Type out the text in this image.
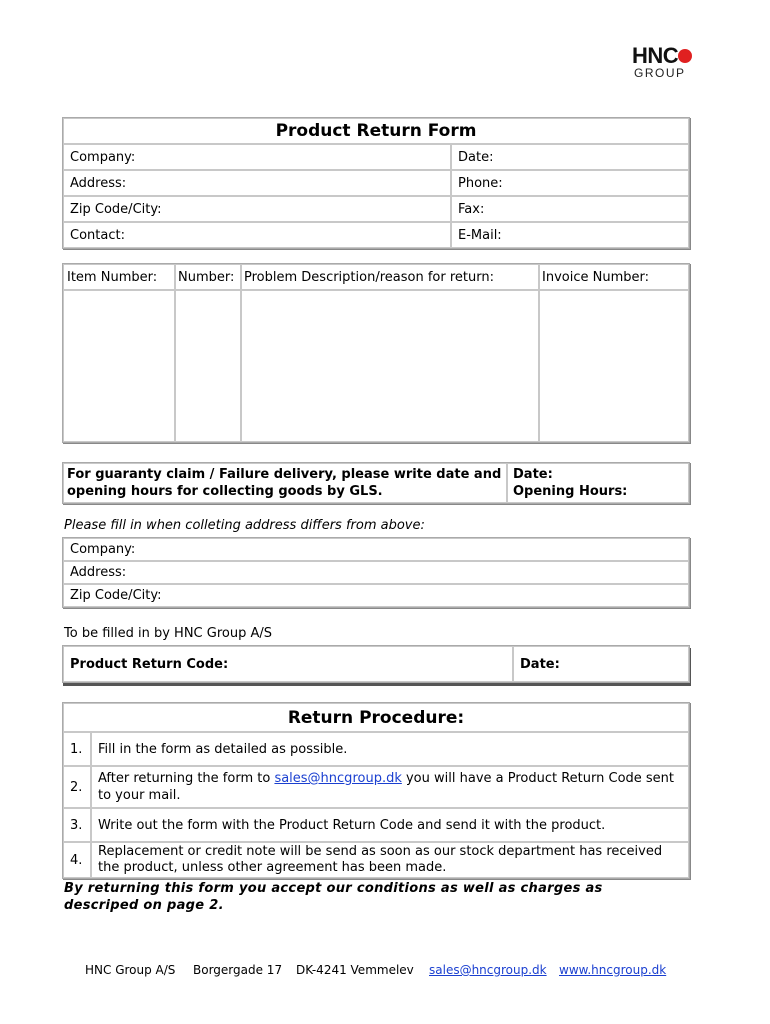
HNC
GROUP
Product Return Form	
Company:	Date:
Address:	Phone:
Zip Code/City:	Fax:
Contact:	E-Mail:
Item Number:	Number:	Problem Description/reason for return:	Invoice Number:

For guaranty claim / Failure delivery, please write date and opening hours for collecting goods by GLS.	
Date:
Opening Hours:
Please fill in when colleting address differs from above:
Company:
Address:
Zip Code/City:
To be filled in by HNC Group A/S
Product Return Code:	Date:
Return Procedure:	
1.	Fill in the form as detailed as possible.
2.	After returning the form to sales@hncgroup.dk you will have a Product Return Code sent to your mail.
3.	Write out the form with the Product Return Code and send it with the product.
4.	Replacement or credit note will be send as soon as our stock department has received the product, unless other agreement has been made.
By returning this form you accept our conditions as well as charges as descriped on page 2.
HNC Group A/S Borgergade 17 DK-4241 Vemmelev sales@hncgroup.dk www.hncgroup.dk
